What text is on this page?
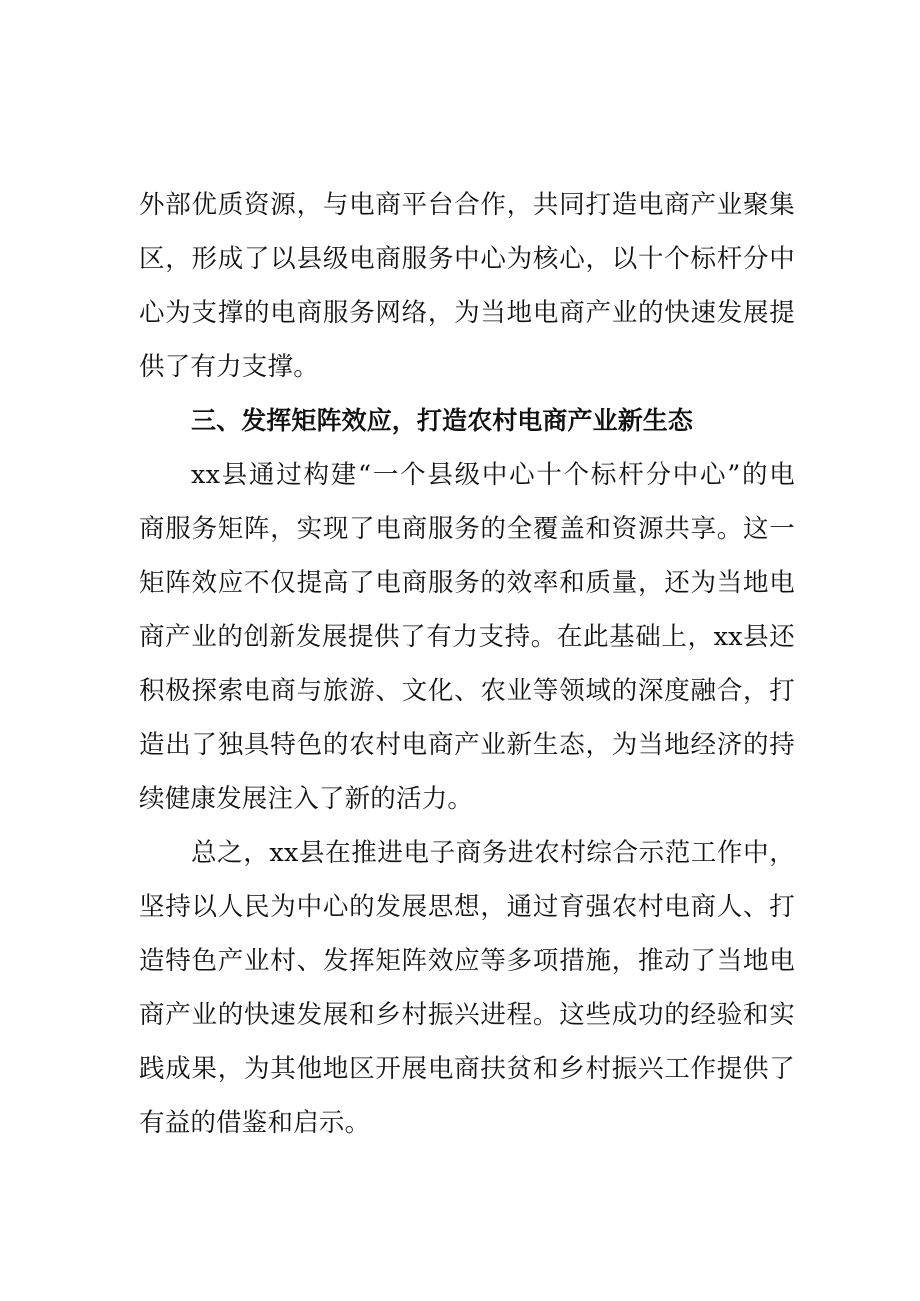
外部优质资源，与电商平台合作，共同打造电商产业聚集
区，形成了以县级电商服务中心为核心，以十个标杆分中
心为支撑的电商服务网络，为当地电商产业的快速发展提
供了有力支撑。
三、发挥矩阵效应，打造农村电商产业新生态
xx县通过构建“一个县级中心十个标杆分中心”的电
商服务矩阵，实现了电商服务的全覆盖和资源共享。这一
矩阵效应不仅提高了电商服务的效率和质量，还为当地电
商产业的创新发展提供了有力支持。在此基础上，xx县还
积极探索电商与旅游、文化、农业等领域的深度融合，打
造出了独具特色的农村电商产业新生态，为当地经济的持
续健康发展注入了新的活力。
总之，xx县在推进电子商务进农村综合示范工作中，
坚持以人民为中心的发展思想，通过育强农村电商人、打
造特色产业村、发挥矩阵效应等多项措施，推动了当地电
商产业的快速发展和乡村振兴进程。这些成功的经验和实
践成果，为其他地区开展电商扶贫和乡村振兴工作提供了
有益的借鉴和启示。
